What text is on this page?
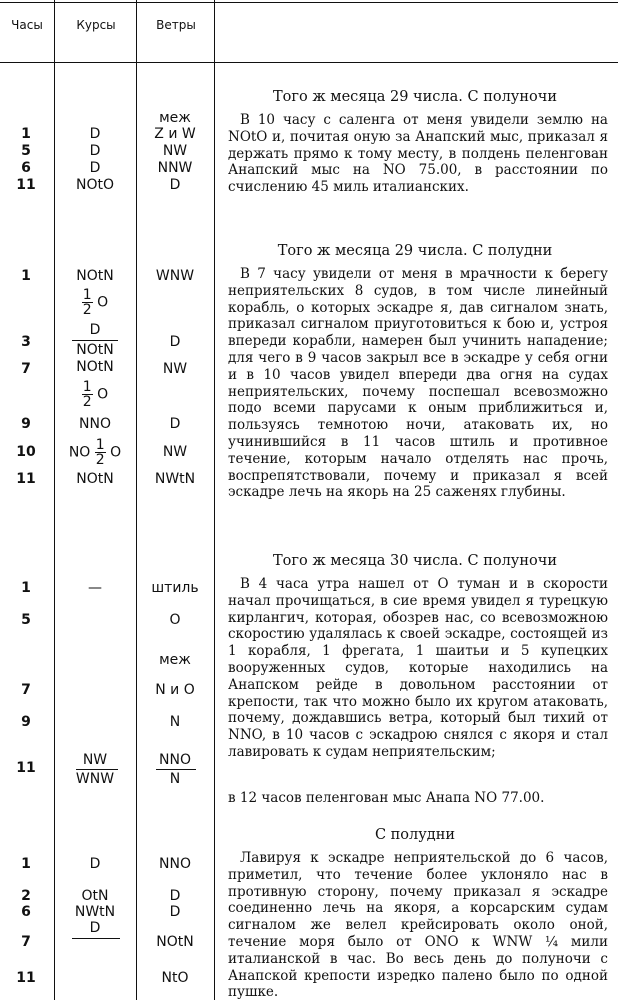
Часы	Курсы	Ветры
Того ж месяца 29 числа. С полуночи

В 10 часу с саленга от меня увидели землю на NOtO и, почитая оную за Анапский мыс, приказал я держать прямо к тому месту, в полдень пеленгован Анапский мыс на NO 75.00, в расстоянии по счислению 45 миль италианских.

1
5
6
11
D
D
D
NOtO
меж
Z и W
NW
NNW
D
Того ж месяца 29 числа. С полудни

В 7 часу увидели от меня в мрачности к берегу неприятельских 8 судов, в том числе линейный корабль, о которых эскадре я, дав сигналом знать, приказал сигналом приуготовиться к бою и, устроя впереди корабли, намерен был учинить нападение; для чего в 9 часов закрыл все в эскадре у себя огни и в 10 часов увидел впереди два огня на судах неприятельских, почему поспешал всевозможно подо всеми парусами к оным приближиться и, пользуясь темнотою ночи, атаковать их, но учинившийся в 11 часов штиль и противное течение, которым начало отделять нас прочь, воспрепятствовали, почему и приказал я всей эскадре лечь на якорь на 25 саженях глубины.

1
3
7
9
10
11
NOtN
$\frac{1}{2}$ O
D
NOtN
NOtN
$\frac{1}{2}$ O
NNO
NO $\frac{1}{2}$ O
NOtN
WNW
D
NW
D
NW
NWtN
Того ж месяца 30 числа. С полуночи

В 4 часа утра нашел от О туман и в скорости начал прочищаться, в сие время увидел я турецкую кирлангич, которая, обозрев нас, со всевозможною скоростию удалялась к своей эскадре, состоящей из 1 корабля, 1 фрегата, 1 шаитьи и 5 купецких вооруженных судов, которые находились на Анапском рейде в довольном расстоянии от крепости, так что можно было их кругом атаковать, почему, дождавшись ветра, который был тихий от NNO, в 10 часов с эскадрою снялся с якоря и стал лавировать к судам неприятельским;

в 12 часов пеленгован мыс Анапа NO 77.00.

1
5
7
9
11
—
NW
WNW
штиль
O
меж
N и O
N
NNO
N
С полудни

Лавируя к эскадре неприятельской до 6 часов, приметил, что течение более уклоняло нас в противную сторону, почему приказал я эскадре соединенно лечь на якоря, а корсарским судам сигналом же велел крейсировать около оной, течение моря было от ONO к WNW ¼ мили италианской в час. Во весь день до полуночи с Анапской крепости изредко палено было по одной пушке.

1
2
6
7
11
D
OtN
NWtN
D
NNO
D
D
NOtN
NtO
